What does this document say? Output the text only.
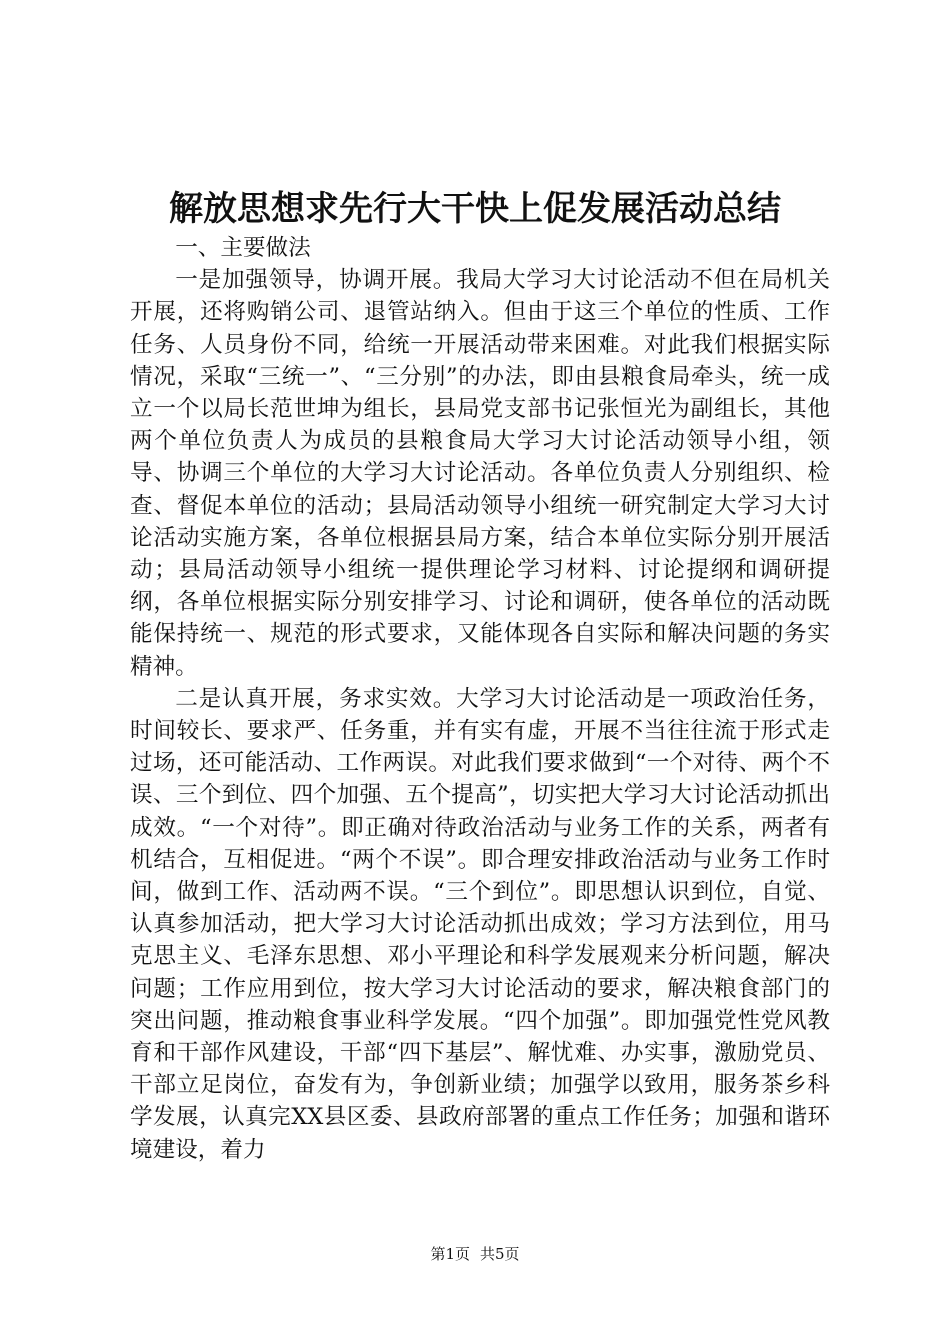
解放思想求先行大干快上促发展活动总结

一、主要做法

一是加强领导，协调开展。我局大学习大讨论活动不但在局机关开展，还将购销公司、退管站纳入。但由于这三个单位的性质、工作任务、人员身份不同，给统一开展活动带来困难。对此我们根据实际情况，采取“三统一”、“三分别”的办法，即由县粮食局牵头，统一成立一个以局长范世坤为组长，县局党支部书记张恒光为副组长，其他两个单位负责人为成员的县粮食局大学习大讨论活动领导小组，领导、协调三个单位的大学习大讨论活动。各单位负责人分别组织、检查、督促本单位的活动；县局活动领导小组统一研究制定大学习大讨论活动实施方案，各单位根据县局方案，结合本单位实际分别开展活动；县局活动领导小组统一提供理论学习材料、讨论提纲和调研提纲，各单位根据实际分别安排学习、讨论和调研，使各单位的活动既能保持统一、规范的形式要求，又能体现各自实际和解决问题的务实精神。

二是认真开展，务求实效。大学习大讨论活动是一项政治任务，时间较长、要求严、任务重，并有实有虚，开展不当往往流于形式走过场，还可能活动、工作两误。对此我们要求做到“一个对待、两个不误、三个到位、四个加强、五个提高”，切实把大学习大讨论活动抓出成效。“一个对待”。即正确对待政治活动与业务工作的关系，两者有机结合，互相促进。“两个不误”。即合理安排政治活动与业务工作时间，做到工作、活动两不误。“三个到位”。即思想认识到位，自觉、认真参加活动，把大学习大讨论活动抓出成效；学习方法到位，用马克思主义、毛泽东思想、邓小平理论和科学发展观来分析问题，解决问题；工作应用到位，按大学习大讨论活动的要求，解决粮食部门的突出问题，推动粮食事业科学发展。“四个加强”。即加强党性党风教育和干部作风建设，干部“四下基层”、解忧难、办实事，激励党员、干部立足岗位，奋发有为，争创新业绩；加强学以致用，服务茶乡科学发展，认真完XX县区委、县政府部署的重点工作任务；加强和谐环境建设，着力

第1页 共5页
